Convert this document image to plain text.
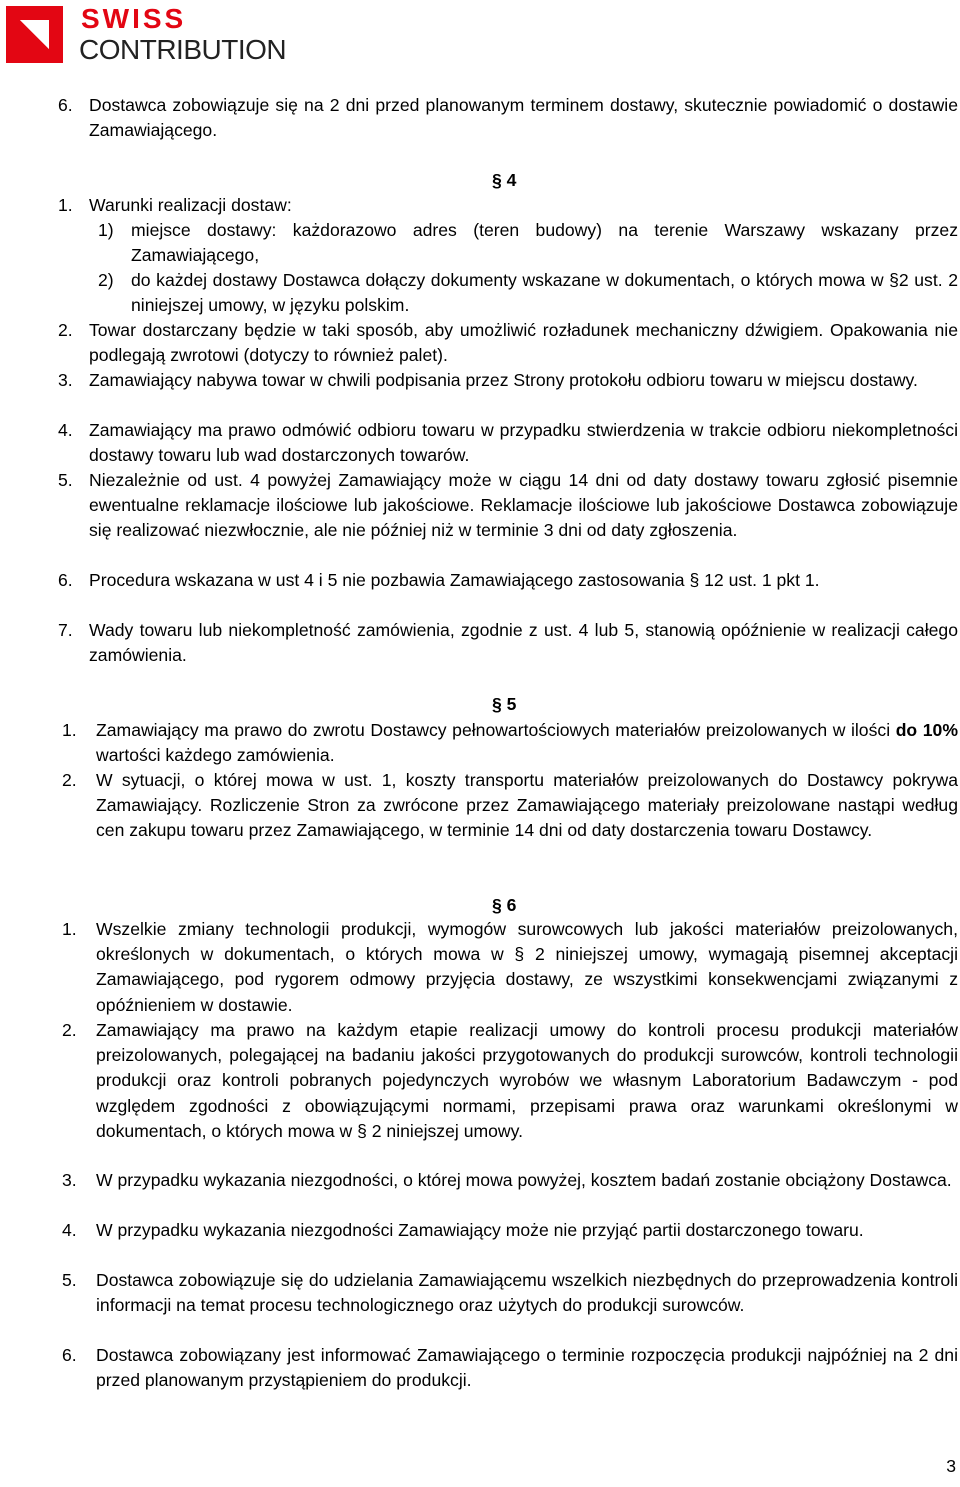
SWISS
CONTRIBUTION
6. Dostawca zobowiązuje się na 2 dni przed planowanym terminem dostawy, skutecznie powiadomić o dostawie Zamawiającego.
§ 4
1. Warunki realizacji dostaw:
1) miejsce dostawy: każdorazowo adres (teren budowy) na terenie Warszawy wskazany przez Zamawiającego,
2) do każdej dostawy Dostawca dołączy dokumenty wskazane w dokumentach, o których mowa w §2 ust. 2 niniejszej umowy, w języku polskim.
2. Towar dostarczany będzie w taki sposób, aby umożliwić rozładunek mechaniczny dźwigiem. Opakowania nie podlegają zwrotowi (dotyczy to również palet).
3. Zamawiający nabywa towar w chwili podpisania przez Strony protokołu odbioru towaru w miejscu dostawy.
4. Zamawiający ma prawo odmówić odbioru towaru w przypadku stwierdzenia w trakcie odbioru niekompletności dostawy towaru lub wad dostarczonych towarów.
5. Niezależnie od ust. 4 powyżej Zamawiający może w ciągu 14 dni od daty dostawy towaru zgłosić pisemnie ewentualne reklamacje ilościowe lub jakościowe. Reklamacje ilościowe lub jakościowe Dostawca zobowiązuje się realizować niezwłocznie, ale nie później niż w terminie 3 dni od daty zgłoszenia.
6. Procedura wskazana w ust 4 i 5 nie pozbawia Zamawiającego zastosowania § 12 ust. 1 pkt 1.
7. Wady towaru lub niekompletność zamówienia, zgodnie z ust. 4 lub 5, stanowią opóźnienie w realizacji całego zamówienia.
§ 5
1. Zamawiający ma prawo do zwrotu Dostawcy pełnowartościowych materiałów preizolowanych w ilości do 10% wartości każdego zamówienia.
2. W sytuacji, o której mowa w ust. 1, koszty transportu materiałów preizolowanych do Dostawcy pokrywa Zamawiający. Rozliczenie Stron za zwrócone przez Zamawiającego materiały preizolowane nastąpi według cen zakupu towaru przez Zamawiającego, w terminie 14 dni od daty dostarczenia towaru Dostawcy.
§ 6
1. Wszelkie zmiany technologii produkcji, wymogów surowcowych lub jakości materiałów preizolowanych, określonych w dokumentach, o których mowa w § 2 niniejszej umowy, wymagają pisemnej akceptacji Zamawiającego, pod rygorem odmowy przyjęcia dostawy, ze wszystkimi konsekwencjami związanymi z opóźnieniem w dostawie.
2. Zamawiający ma prawo na każdym etapie realizacji umowy do kontroli procesu produkcji materiałów preizolowanych, polegającej na badaniu jakości przygotowanych do produkcji surowców, kontroli technologii produkcji oraz kontroli pobranych pojedynczych wyrobów we własnym Laboratorium Badawczym - pod względem zgodności z obowiązującymi normami, przepisami prawa oraz warunkami określonymi w dokumentach, o których mowa w § 2 niniejszej umowy.
3. W przypadku wykazania niezgodności, o której mowa powyżej, kosztem badań zostanie obciążony Dostawca.
4. W przypadku wykazania niezgodności Zamawiający może nie przyjąć partii dostarczonego towaru.
5. Dostawca zobowiązuje się do udzielania Zamawiającemu wszelkich niezbędnych do przeprowadzenia kontroli informacji na temat procesu technologicznego oraz użytych do produkcji surowców.
6. Dostawca zobowiązany jest informować Zamawiającego o terminie rozpoczęcia produkcji najpóźniej na 2 dni przed planowanym przystąpieniem do produkcji.
3
